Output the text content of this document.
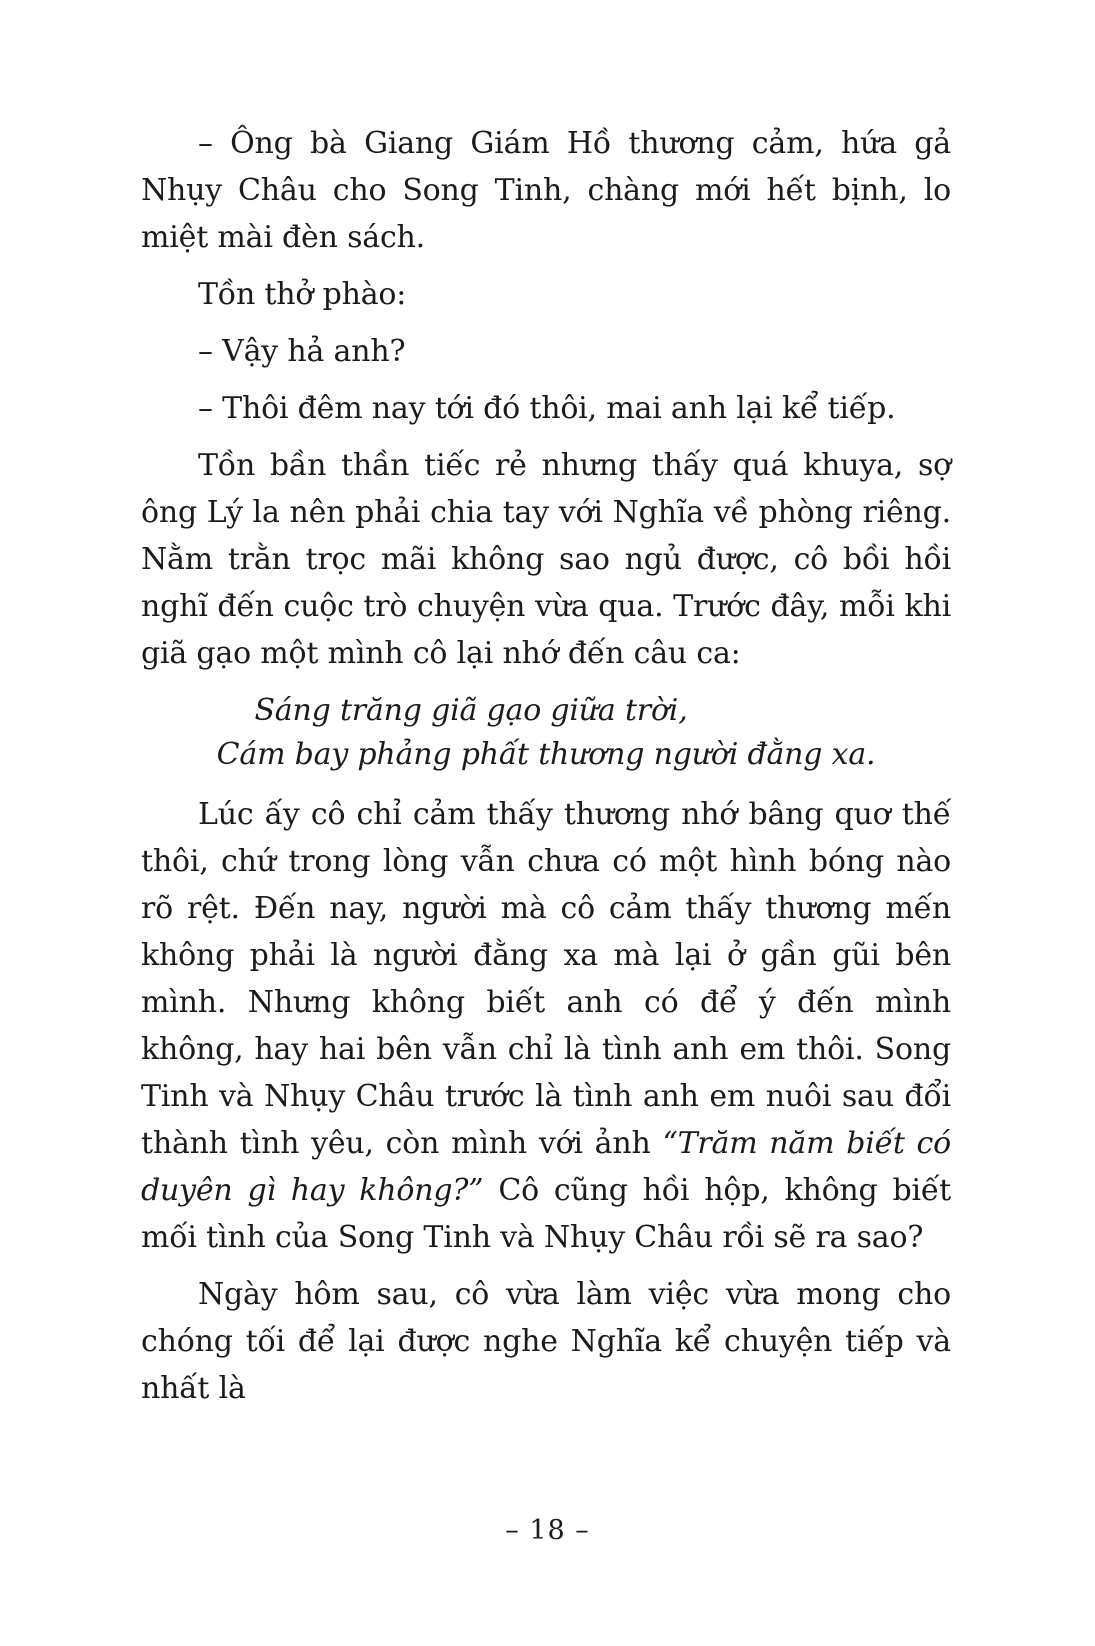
– Ông bà Giang Giám Hồ thương cảm, hứa gả Nhụy Châu cho Song Tinh, chàng mới hết bịnh, lo miệt mài đèn sách.

Tồn thở phào:

– Vậy hả anh?

– Thôi đêm nay tới đó thôi, mai anh lại kể tiếp.

Tồn bần thần tiếc rẻ nhưng thấy quá khuya, sợ ông Lý la nên phải chia tay với Nghĩa về phòng riêng. Nằm trằn trọc mãi không sao ngủ được, cô bồi hồi nghĩ đến cuộc trò chuyện vừa qua. Trước đây, mỗi khi giã gạo một mình cô lại nhớ đến câu ca:

Sáng trăng giã gạo giữa trời,
Cám bay phảng phất thương người đằng xa.

Lúc ấy cô chỉ cảm thấy thương nhớ bâng quơ thế thôi, chứ trong lòng vẫn chưa có một hình bóng nào rõ rệt. Đến nay, người mà cô cảm thấy thương mến không phải là người đằng xa mà lại ở gần gũi bên mình. Nhưng không biết anh có để ý đến mình không, hay hai bên vẫn chỉ là tình anh em thôi. Song Tinh và Nhụy Châu trước là tình anh em nuôi sau đổi thành tình yêu, còn mình với ảnh “Trăm năm biết có duyên gì hay không?” Cô cũng hồi hộp, không biết mối tình của Song Tinh và Nhụy Châu rồi sẽ ra sao?

Ngày hôm sau, cô vừa làm việc vừa mong cho chóng tối để lại được nghe Nghĩa kể chuyện tiếp và nhất là

– 18 –
